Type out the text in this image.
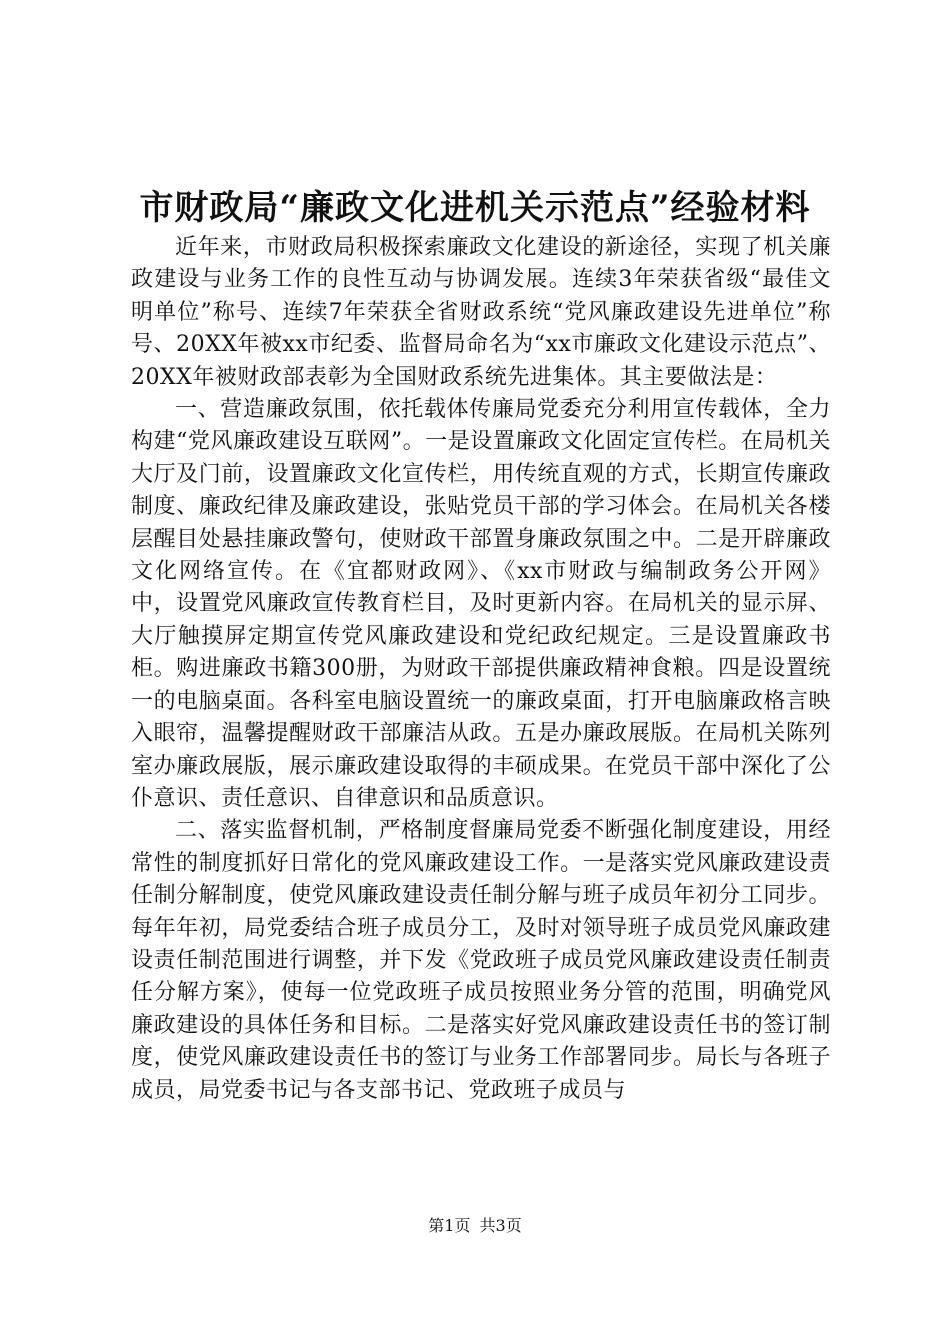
市财政局“廉政文化进机关示范点”经验材料

近年来，市财政局积极探索廉政文化建设的新途径，实现了机关廉政建设与业务工作的良性互动与协调发展。连续3年荣获省级“最佳文明单位”称号、连续7年荣获全省财政系统“党风廉政建设先进单位”称号、20XX年被xx市纪委、监督局命名为“xx市廉政文化建设示范点”、20XX年被财政部表彰为全国财政系统先进集体。其主要做法是：

一、营造廉政氛围，依托载体传廉局党委充分利用宣传载体，全力构建“党风廉政建设互联网”。一是设置廉政文化固定宣传栏。在局机关大厅及门前，设置廉政文化宣传栏，用传统直观的方式，长期宣传廉政制度、廉政纪律及廉政建设，张贴党员干部的学习体会。在局机关各楼层醒目处悬挂廉政警句，使财政干部置身廉政氛围之中。二是开辟廉政文化网络宣传。在《宜都财政网》、《xx市财政与编制政务公开网》中，设置党风廉政宣传教育栏目，及时更新内容。在局机关的显示屏、大厅触摸屏定期宣传党风廉政建设和党纪政纪规定。三是设置廉政书柜。购进廉政书籍300册，为财政干部提供廉政精神食粮。四是设置统一的电脑桌面。各科室电脑设置统一的廉政桌面，打开电脑廉政格言映入眼帘，温馨提醒财政干部廉洁从政。五是办廉政展版。在局机关陈列室办廉政展版，展示廉政建设取得的丰硕成果。在党员干部中深化了公仆意识、责任意识、自律意识和品质意识。

二、落实监督机制，严格制度督廉局党委不断强化制度建设，用经常性的制度抓好日常化的党风廉政建设工作。一是落实党风廉政建设责任制分解制度，使党风廉政建设责任制分解与班子成员年初分工同步。每年年初，局党委结合班子成员分工，及时对领导班子成员党风廉政建设责任制范围进行调整，并下发《党政班子成员党风廉政建设责任制责任分解方案》，使每一位党政班子成员按照业务分管的范围，明确党风廉政建设的具体任务和目标。二是落实好党风廉政建设责任书的签订制度，使党风廉政建设责任书的签订与业务工作部署同步。局长与各班子成员，局党委书记与各支部书记、党政班子成员与

第1页 共3页
